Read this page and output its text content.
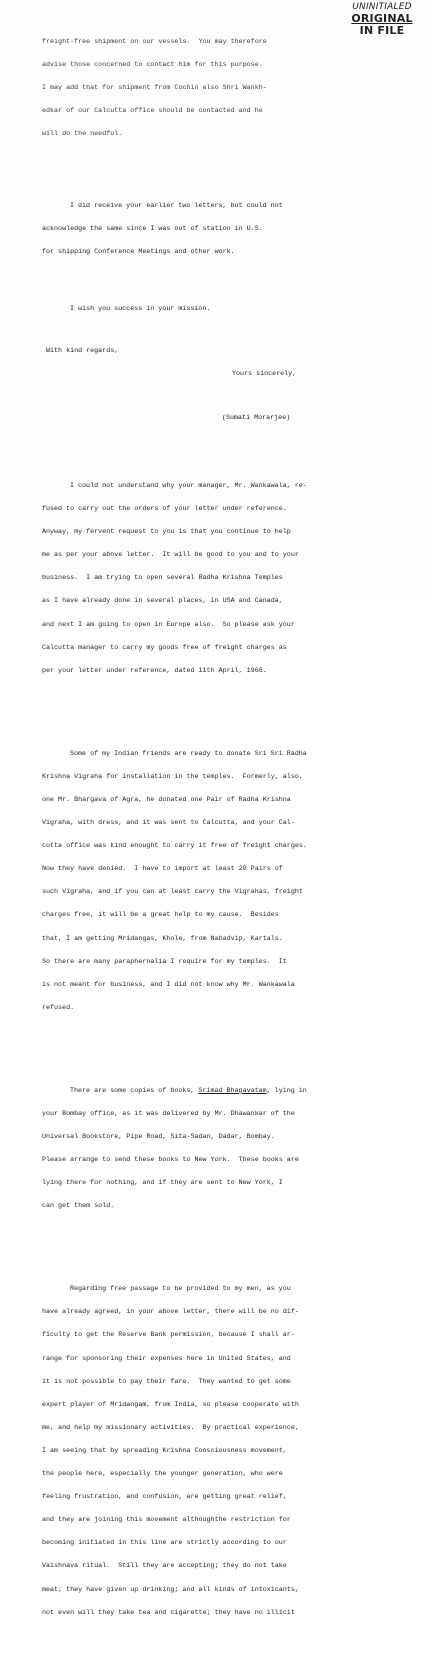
UNINITIALED
ORIGINAL
IN FILE

freight-free shipment on our vessels.  You may therefore

advise those concerned to contact him for this purpose.

I may add that for shipment from Cochin also Shri Wankh-

edkar of our Calcutta office should be contacted and he

will do the needful.

I did receive your earlier two letters, but could not

acknowledge the same since I was out of station in U.S.

for shipping Conference Meetings and other work.

I wish you success in your mission.

With kind regards,

Yours sincerely,

(Sumati Morarjee)

I could not understand why your manager, Mr. Wankawala, re-

fused to carry out the orders of your letter under reference.

Anyway, my fervent request to you is that you continue to help

me as per your above letter.  It will be good to you and to your

business.  I am trying to open several Radha Krishna Temples

as I have already done in several places, in USA and Canada,

and next I am going to open in Europe also.  So please ask your

Calcutta manager to carry my goods free of freight charges as

per your letter under reference, dated 11th April, 1966.

Some of my Indian friends are ready to donate Sri Sri Radha

Krishna Vigraha for installation in the temples.  Formerly, also,

one Mr. Bhargava of Agra, he donated one Pair of Radha Krishna

Vigraha, with dress, and it was sent to Calcutta, and your Cal-

cutta office was kind enought to carry it free of freight charges.

Now they have denied.  I have to import at least 20 Pairs of

such Vigraha, and if you can at least carry the Vigrahas, freight

charges free, it will be a great help to my cause.  Besides

that, I am getting Mridangas, Khole, from Nabadvip, Kartals.

So there are many paraphernalia I require for my temples.  It

is not meant for business, and I did not know why Mr. Wankawala

refused.

There are some copies of books, Srimad Bhagavatam, lying in

your Bombay office, as it was delivered by Mr. Dhawankar of the

Universal Bookstore, Pipe Road, Sita-Sadan, Dadar, Bombay.

Please arrange to send these books to New York.  These books are

lying there for nothing, and if they are sent to New York, I

can get them sold.

Regarding free passage to be provided to my men, as you

have already agreed, in your above letter, there will be no dif-

ficulty to get the Reserve Bank permission, because I shall ar-

range for sponsoring their expenses here in United States, and

it is not possible to pay their fare.  They wanted to get some

expert player of Mridangam, from India, so please cooperate with

me, and help my missionary activities.  By practical experience,

I am seeing that by spreading Krishna Consciousness movement,

the people here, especially the younger generation, who were

feeling frustration, and confusion, are getting great relief,

and they are joining this movement althoughthe restriction for

becoming initiated in this line are strictly according to our

Vaishnava ritual.  Still they are accepting; they do not take

meat; they have given up drinking; and all kinds of intoxicants,

not even will they take tea and cigarette; they have no illicit
